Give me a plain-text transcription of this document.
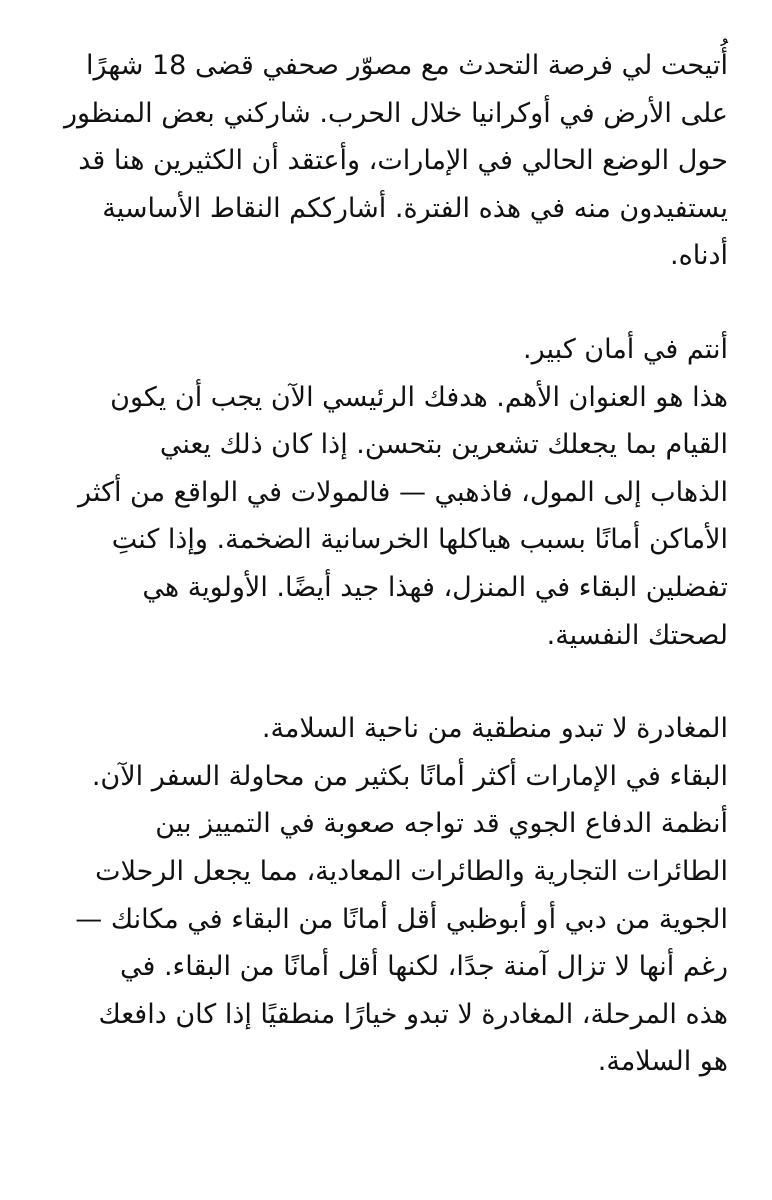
أُتيحت لي فرصة التحدث مع مصوّر صحفي قضى 18 شهرًا
على الأرض في أوكرانيا خلال الحرب. شاركني بعض المنظور
حول الوضع الحالي في الإمارات، وأعتقد أن الكثيرين هنا قد
يستفيدون منه في هذه الفترة. أشارككم النقاط الأساسية
أدناه.
أنتم في أمان كبير.
هذا هو العنوان الأهم. هدفك الرئيسي الآن يجب أن يكون
القيام بما يجعلك تشعرين بتحسن. إذا كان ذلك يعني
الذهاب إلى المول، فاذهبي — فالمولات في الواقع من أكثر
الأماكن أمانًا بسبب هياكلها الخرسانية الضخمة. وإذا كنتِ
تفضلين البقاء في المنزل، فهذا جيد أيضًا. الأولوية هي
لصحتك النفسية.
المغادرة لا تبدو منطقية من ناحية السلامة.
البقاء في الإمارات أكثر أمانًا بكثير من محاولة السفر الآن.
أنظمة الدفاع الجوي قد تواجه صعوبة في التمييز بين
الطائرات التجارية والطائرات المعادية، مما يجعل الرحلات
الجوية من دبي أو أبوظبي أقل أمانًا من البقاء في مكانك —
رغم أنها لا تزال آمنة جدًا، لكنها أقل أمانًا من البقاء. في
هذه المرحلة، المغادرة لا تبدو خيارًا منطقيًا إذا كان دافعك
هو السلامة.
